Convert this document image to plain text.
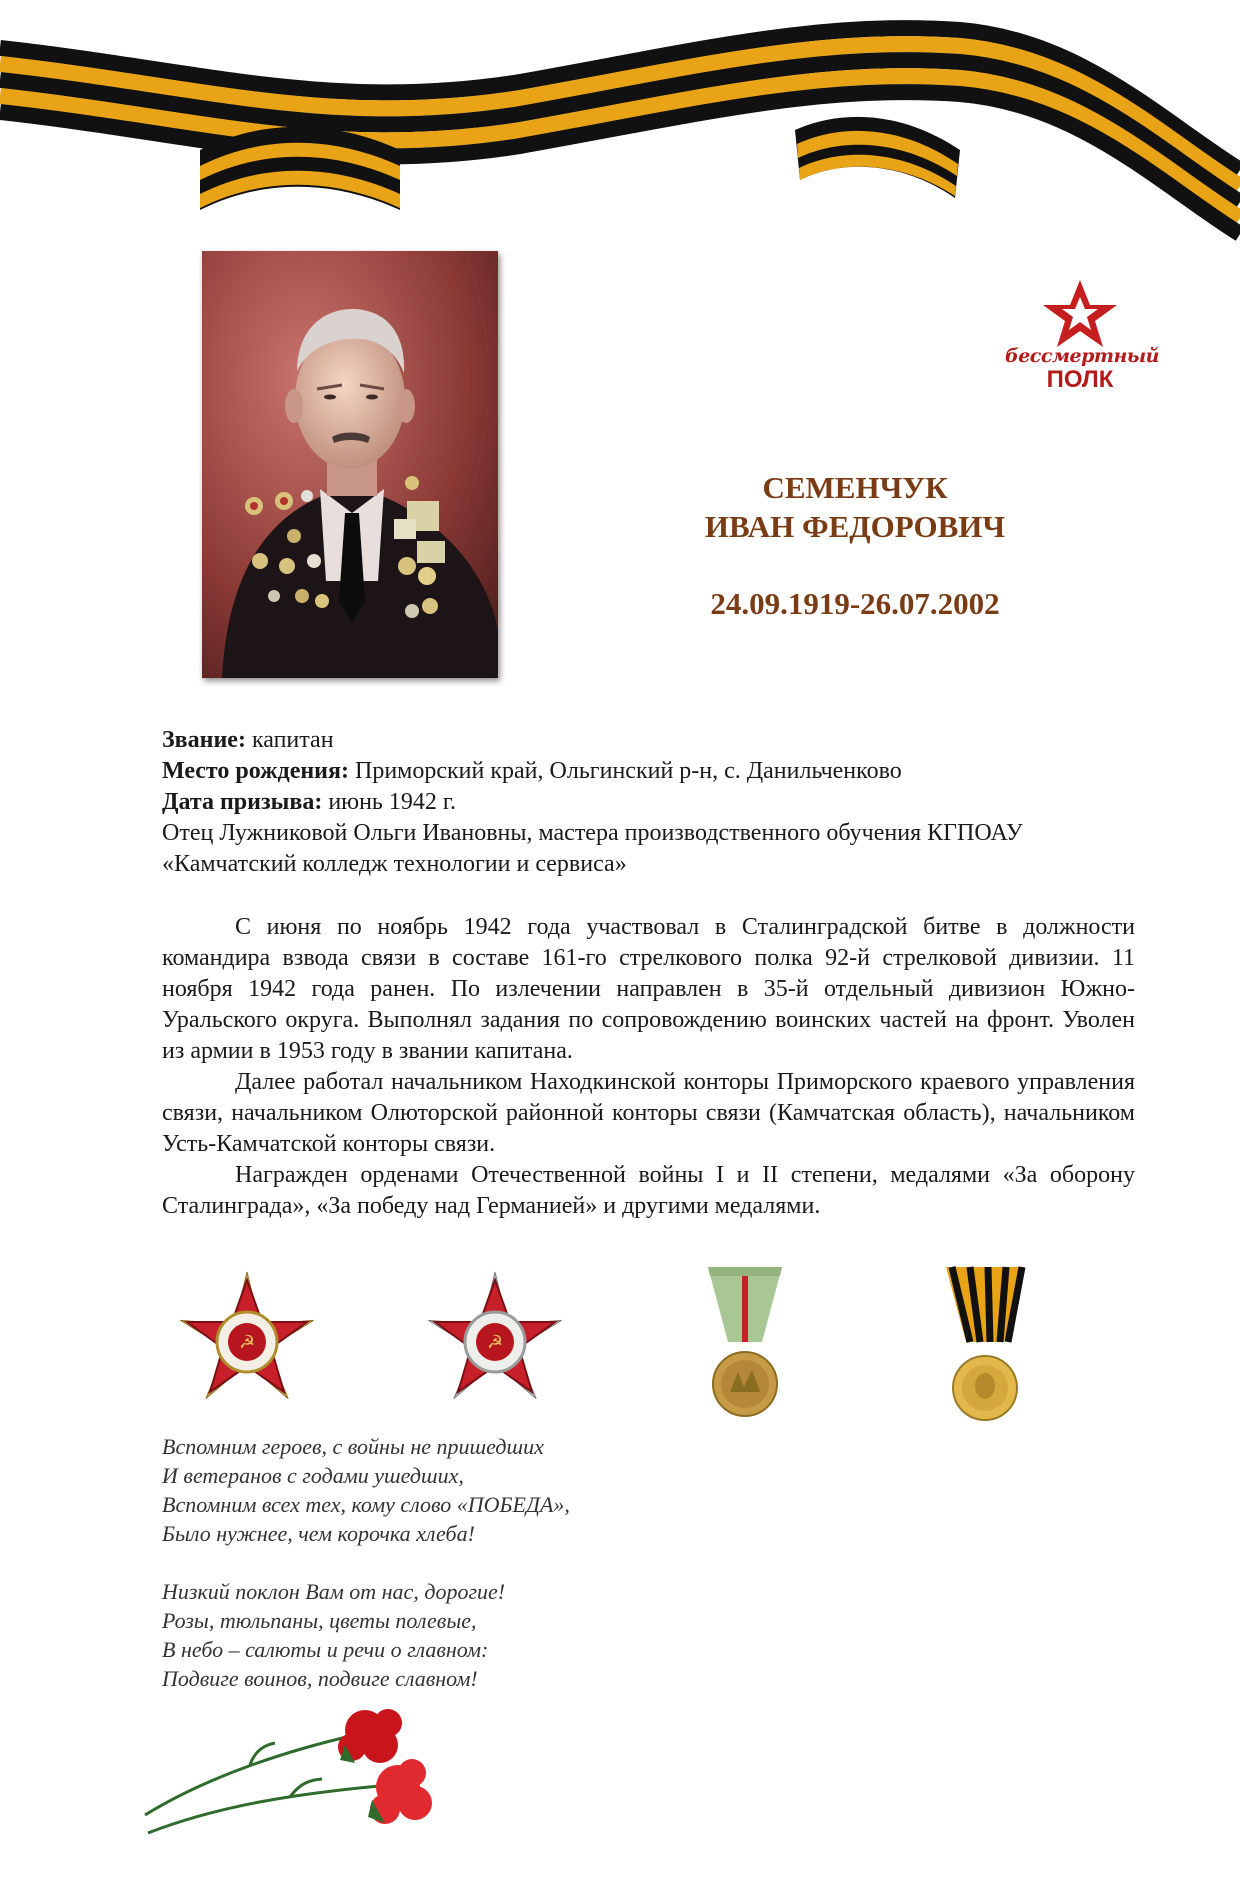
бессмертный
ПОЛК
СЕМЕНЧУК
ИВАН ФЕДОРОВИЧ
24.09.1919-26.07.2002
Звание: капитан
Место рождения: Приморский край, Ольгинский р-н, с. Данильченково
Дата призыва: июнь 1942 г.
Отец Лужниковой Ольги Ивановны, мастера производственного обучения КГПОАУ «Камчатский колледж технологии и сервиса»

С июня по ноябрь 1942 года участвовал в Сталинградской битве в должности командира взвода связи в составе 161-го стрелкового полка 92-й стрелковой дивизии. 11 ноября 1942 года ранен. По излечении направлен в 35-й отдельный дивизион Южно-Уральского округа. Выполнял задания по сопровождению воинских частей на фронт. Уволен из армии в 1953 году в звании капитана.

Далее работал начальником Находкинской конторы Приморского краевого управления связи, начальником Олюторской районной конторы связи (Камчатская область), начальником Усть-Камчатской конторы связи.

Награжден орденами Отечественной войны I и II степени, медалями «За оборону Сталинграда», «За победу над Германией» и другими медалями.

☭	☭
Вспомним героев, с войны не пришедших
И ветеранов с годами ушедших,
Вспомним всех тех, кому слово «ПОБЕДА»,
Было нужнее, чем корочка хлеба!
Низкий поклон Вам от нас, дорогие!
Розы, тюльпаны, цветы полевые,
В небо – салюты и речи о главном:
Подвиге воинов, подвиге славном!
